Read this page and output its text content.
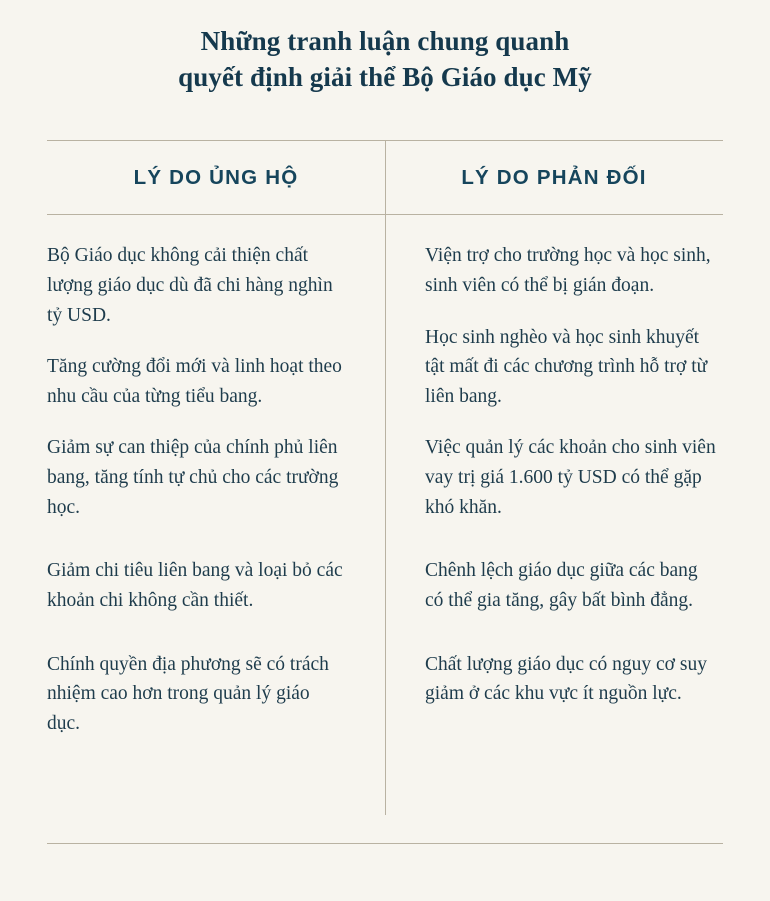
Những tranh luận chung quanh
quyết định giải thể Bộ Giáo dục Mỹ
LÝ DO ỦNG HỘ	LÝ DO PHẢN ĐỐI

Bộ Giáo dục không cải thiện chất lượng giáo dục dù đã chi hàng nghìn tỷ USD.

Tăng cường đổi mới và linh hoạt theo nhu cầu của từng tiểu bang.

Giảm sự can thiệp của chính phủ liên bang, tăng tính tự chủ cho các trường học.

Giảm chi tiêu liên bang và loại bỏ các khoản chi không cần thiết.

Chính quyền địa phương sẽ có trách nhiệm cao hơn trong quản lý giáo dục.

Viện trợ cho trường học và học sinh, sinh viên có thể bị gián đoạn.

Học sinh nghèo và học sinh khuyết tật mất đi các chương trình hỗ trợ từ liên bang.

Việc quản lý các khoản cho sinh viên vay trị giá 1.600 tỷ USD có thể gặp khó khăn.

Chênh lệch giáo dục giữa các bang có thể gia tăng, gây bất bình đẳng.

Chất lượng giáo dục có nguy cơ suy giảm ở các khu vực ít nguồn lực.
